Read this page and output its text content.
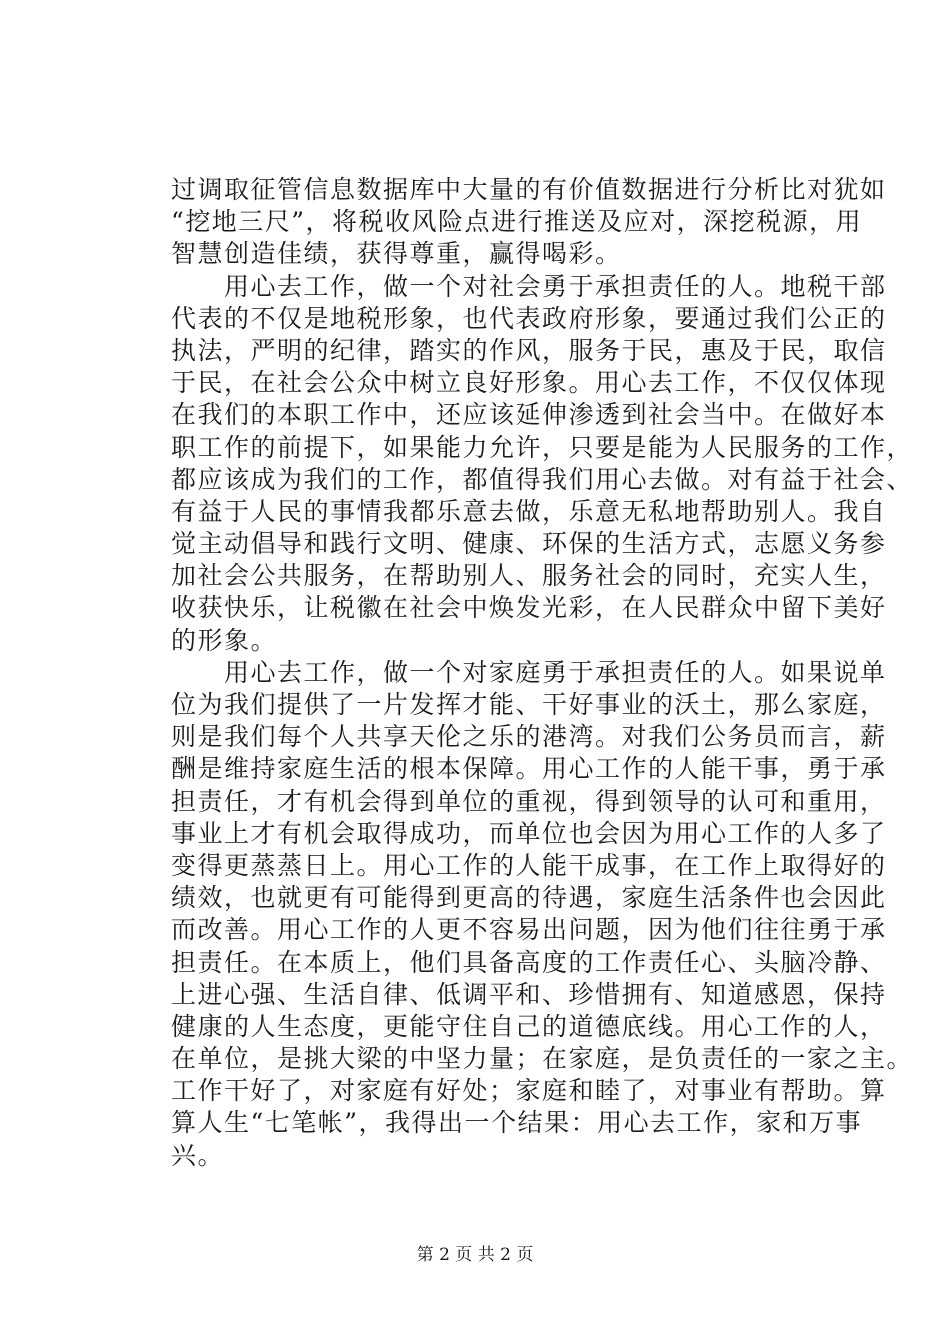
过调取征管信息数据库中大量的有价值数据进行分析比对犹如
“挖地三尺”，将税收风险点进行推送及应对，深挖税源，用
智慧创造佳绩，获得尊重，赢得喝彩。
　　用心去工作，做一个对社会勇于承担责任的人。地税干部
代表的不仅是地税形象，也代表政府形象，要通过我们公正的
执法，严明的纪律，踏实的作风，服务于民，惠及于民，取信
于民，在社会公众中树立良好形象。用心去工作，不仅仅体现
在我们的本职工作中，还应该延伸渗透到社会当中。在做好本
职工作的前提下，如果能力允许，只要是能为人民服务的工作，
都应该成为我们的工作，都值得我们用心去做。对有益于社会、
有益于人民的事情我都乐意去做，乐意无私地帮助别人。我自
觉主动倡导和践行文明、健康、环保的生活方式，志愿义务参
加社会公共服务，在帮助别人、服务社会的同时，充实人生，
收获快乐，让税徽在社会中焕发光彩，在人民群众中留下美好
的形象。
　　用心去工作，做一个对家庭勇于承担责任的人。如果说单
位为我们提供了一片发挥才能、干好事业的沃土，那么家庭，
则是我们每个人共享天伦之乐的港湾。对我们公务员而言，薪
酬是维持家庭生活的根本保障。用心工作的人能干事，勇于承
担责任，才有机会得到单位的重视，得到领导的认可和重用，
事业上才有机会取得成功，而单位也会因为用心工作的人多了
变得更蒸蒸日上。用心工作的人能干成事，在工作上取得好的
绩效，也就更有可能得到更高的待遇，家庭生活条件也会因此
而改善。用心工作的人更不容易出问题，因为他们往往勇于承
担责任。在本质上，他们具备高度的工作责任心、头脑冷静、
上进心强、生活自律、低调平和、珍惜拥有、知道感恩，保持
健康的人生态度，更能守住自己的道德底线。用心工作的人，
在单位，是挑大梁的中坚力量；在家庭，是负责任的一家之主。
工作干好了，对家庭有好处；家庭和睦了，对事业有帮助。算
算人生“七笔帐”，我得出一个结果：用心去工作，家和万事
兴。
第 2 页 共 2 页
